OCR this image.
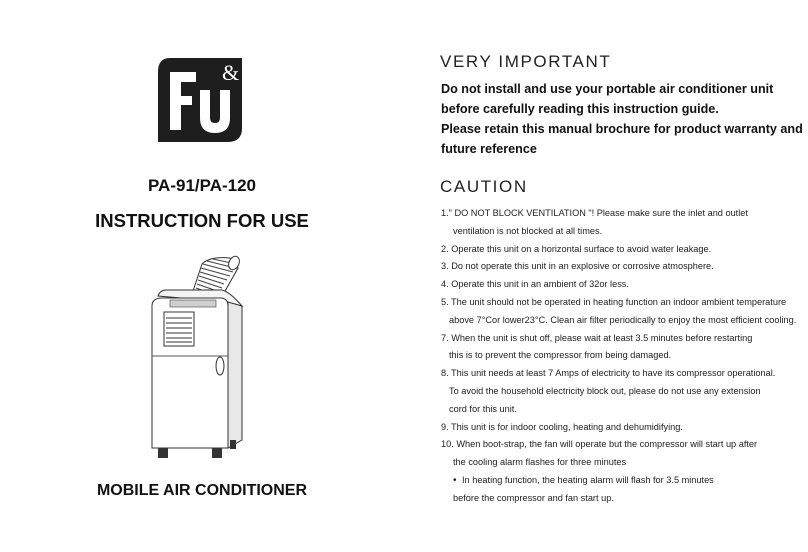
&
PA-91/PA-120
INSTRUCTION FOR USE
MOBILE AIR CONDITIONER
VERY IMPORTANT
Do not install and use your portable air conditioner unit
before carefully reading this instruction guide.
Please retain this manual brochure for product warranty and
future reference
CAUTION
1." DO NOT BLOCK VENTILATION "! Please make sure the inlet and outlet
ventilation is not blocked at all times.
2. Operate this unit on a horizontal surface to avoid water leakage.
3. Do not operate this unit in an explosive or corrosive atmosphere.
4. Operate this unit in an ambient of 32or less.
5. The unit should not be operated in heating function an indoor ambient temperature
above 7°Cor lower23°C. Clean air filter periodically to enjoy the most efficient cooling.
7. When the unit is shut off, please wait at least 3.5 minutes before restarting
this is to prevent the compressor from being damaged.
8. This unit needs at least 7 Amps of electricity to have its compressor operational.
To avoid the household electricity block out, please do not use any extension
cord for this unit.
9. This unit is for indoor cooling, heating and dehumidifying.
10. When boot-strap, the fan will operate but the compressor will start up after
the cooling alarm flashes for three minutes
• In heating function, the heating alarm will flash for 3.5 minutes
before the compressor and fan start up.
